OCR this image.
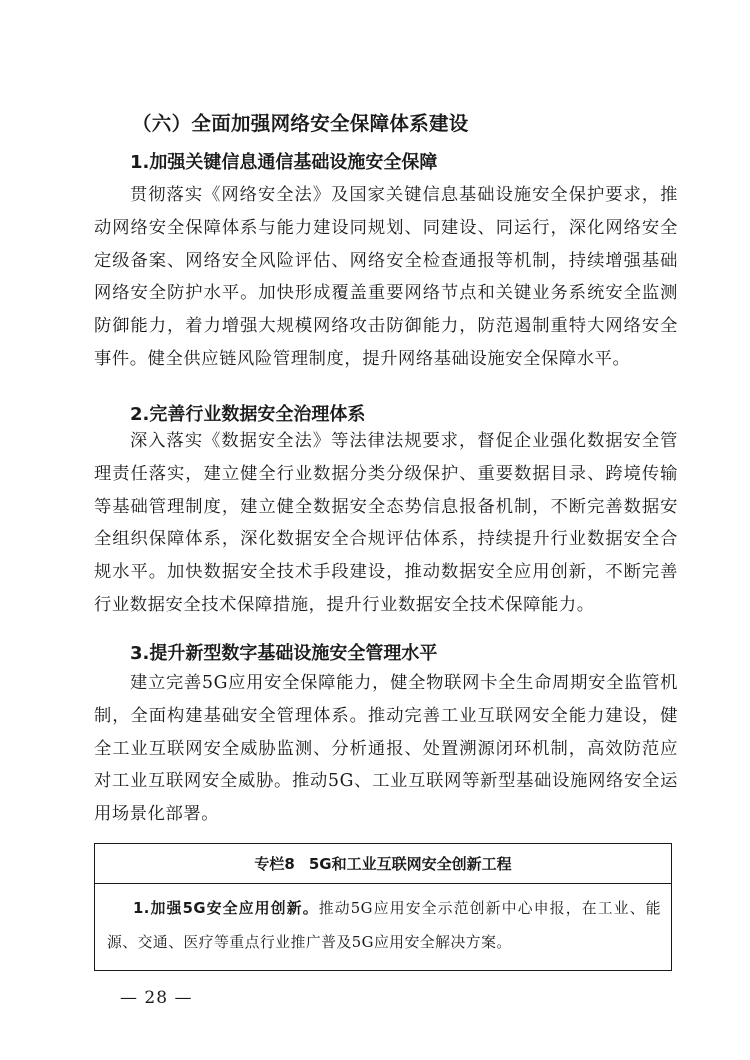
（六）全面加强网络安全保障体系建设
1.加强关键信息通信基础设施安全保障

贯彻落实《网络安全法》及国家关键信息基础设施安全保护要求，推动网络安全保障体系与能力建设同规划、同建设、同运行，深化网络安全定级备案、网络安全风险评估、网络安全检查通报等机制，持续增强基础网络安全防护水平。加快形成覆盖重要网络节点和关键业务系统安全监测防御能力，着力增强大规模网络攻击防御能力，防范遏制重特大网络安全事件。健全供应链风险管理制度，提升网络基础设施安全保障水平。

2.完善行业数据安全治理体系

深入落实《数据安全法》等法律法规要求，督促企业强化数据安全管理责任落实，建立健全行业数据分类分级保护、重要数据目录、跨境传输等基础管理制度，建立健全数据安全态势信息报备机制，不断完善数据安全组织保障体系，深化数据安全合规评估体系，持续提升行业数据安全合规水平。加快数据安全技术手段建设，推动数据安全应用创新，不断完善行业数据安全技术保障措施，提升行业数据安全技术保障能力。

3.提升新型数字基础设施安全管理水平

建立完善5G应用安全保障能力，健全物联网卡全生命周期安全监管机制，全面构建基础安全管理体系。推动完善工业互联网安全能力建设，健全工业互联网安全威胁监测、分析通报、处置溯源闭环机制，高效防范应对工业互联网安全威胁。推动5G、工业互联网等新型基础设施网络安全运用场景化部署。

专栏8 5G和工业互联网安全创新工程
1.加强5G安全应用创新。推动5G应用安全示范创新中心申报，在工业、能源、交通、医疗等重点行业推广普及5G应用安全解决方案。
— 28 —
